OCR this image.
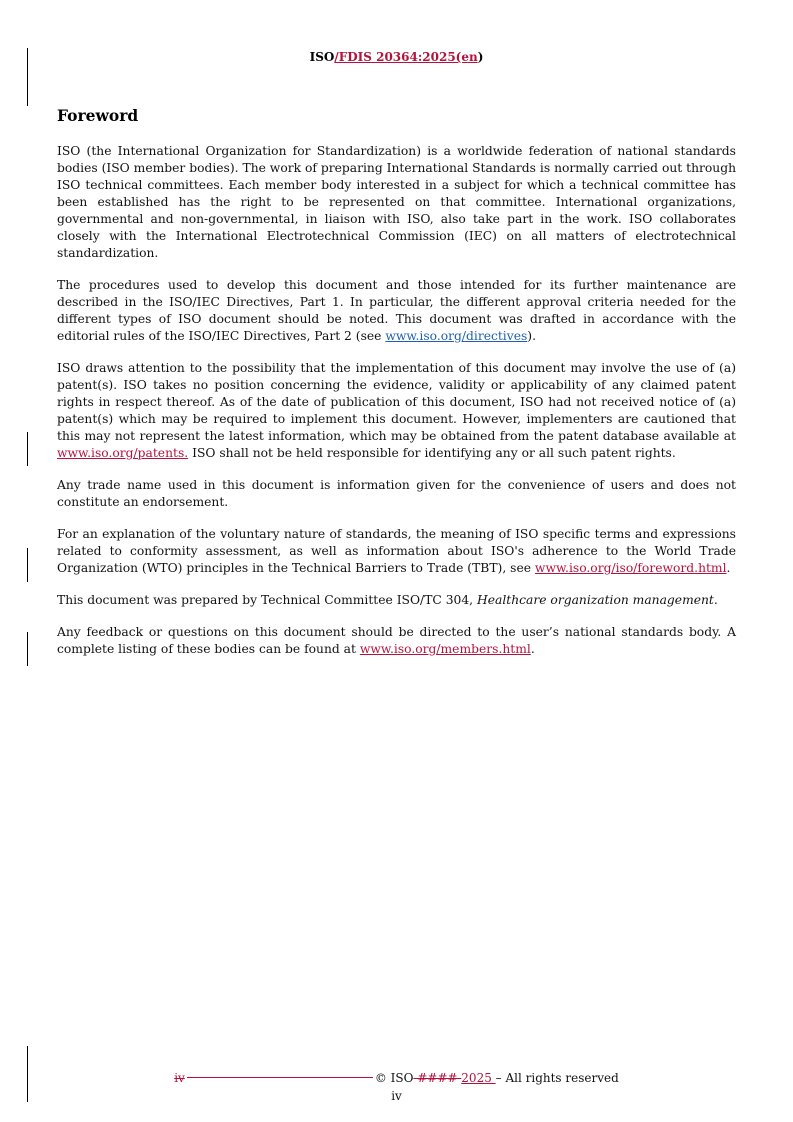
ISO/FDIS 20364:2025(en)
Foreword

ISO (the International Organization for Standardization) is a worldwide federation of national standards bodies (ISO member bodies). The work of preparing International Standards is normally carried out through ISO technical committees. Each member body interested in a subject for which a technical committee has been established has the right to be represented on that committee. International organizations, governmental and non-governmental, in liaison with ISO, also take part in the work. ISO collaborates closely with the International Electrotechnical Commission (IEC) on all matters of electrotechnical standardization.

The procedures used to develop this document and those intended for its further maintenance are described in the ISO/IEC Directives, Part 1. In particular, the different approval criteria needed for the different types of ISO document should be noted. This document was drafted in accordance with the editorial rules of the ISO/IEC Directives, Part 2 (see www.iso.org/directives).

ISO draws attention to the possibility that the implementation of this document may involve the use of (a) patent(s). ISO takes no position concerning the evidence, validity or applicability of any claimed patent rights in respect thereof. As of the date of publication of this document, ISO had not received notice of (a) patent(s) which may be required to implement this document. However, implementers are cautioned that this may not represent the latest information, which may be obtained from the patent database available at www.iso.org/patents. ISO shall not be held responsible for identifying any or all such patent rights.

Any trade name used in this document is information given for the convenience of users and does not constitute an endorsement.

For an explanation of the voluntary nature of standards, the meaning of ISO specific terms and expressions related to conformity assessment, as well as information about ISO's adherence to the World Trade Organization (WTO) principles in the Technical Barriers to Trade (TBT), see www.iso.org/iso/foreword.html.

This document was prepared by Technical Committee ISO/TC 304, Healthcare organization management.

Any feedback or questions on this document should be directed to the user’s national standards body. A complete listing of these bodies can be found at www.iso.org/members.html.

iv	© ISO #### 2025 – All rights reserved
iv
